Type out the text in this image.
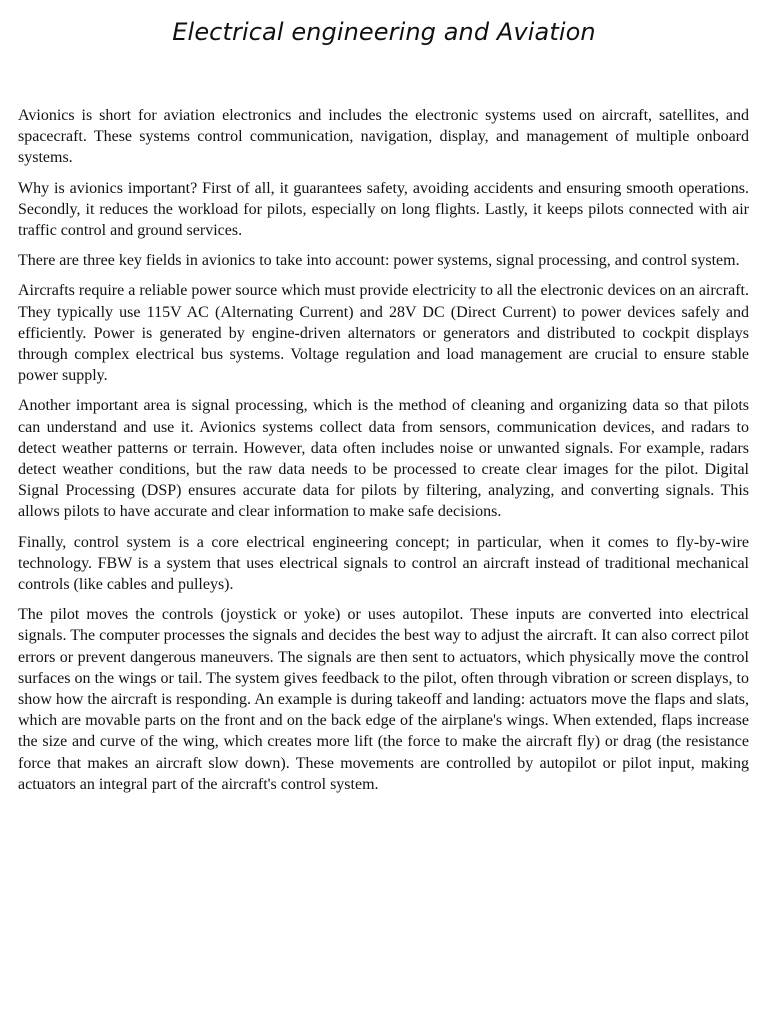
Electrical engineering and Aviation

Avionics is short for aviation electronics and includes the electronic systems used on aircraft, satellites, and spacecraft. These systems control communication, navigation, display, and management of multiple onboard systems.

Why is avionics important? First of all, it guarantees safety, avoiding accidents and ensuring smooth operations. Secondly, it reduces the workload for pilots, especially on long flights. Lastly, it keeps pilots connected with air traffic control and ground services.

There are three key fields in avionics to take into account: power systems, signal processing, and control system.

Aircrafts require a reliable power source which must provide electricity to all the electronic devices on an aircraft. They typically use 115V AC (Alternating Current) and 28V DC (Direct Current) to power devices safely and efficiently. Power is generated by engine-driven alternators or generators and distributed to cockpit displays through complex electrical bus systems. Voltage regulation and load management are crucial to ensure stable power supply.

Another important area is signal processing, which is the method of cleaning and organizing data so that pilots can understand and use it. Avionics systems collect data from sensors, communication devices, and radars to detect weather patterns or terrain. However, data often includes noise or unwanted signals. For example, radars detect weather conditions, but the raw data needs to be processed to create clear images for the pilot. Digital Signal Processing (DSP) ensures accurate data for pilots by filtering, analyzing, and converting signals. This allows pilots to have accurate and clear information to make safe decisions.

Finally, control system is a core electrical engineering concept; in particular, when it comes to fly-by-wire technology. FBW is a system that uses electrical signals to control an aircraft instead of traditional mechanical controls (like cables and pulleys).

The pilot moves the controls (joystick or yoke) or uses autopilot. These inputs are converted into electrical signals. The computer processes the signals and decides the best way to adjust the aircraft. It can also correct pilot errors or prevent dangerous maneuvers. The signals are then sent to actuators, which physically move the control surfaces on the wings or tail. The system gives feedback to the pilot, often through vibration or screen displays, to show how the aircraft is responding. An example is during takeoff and landing: actuators move the flaps and slats, which are movable parts on the front and on the back edge of the airplane's wings. When extended, flaps increase the size and curve of the wing, which creates more lift (the force to make the aircraft fly) or drag (the resistance force that makes an aircraft slow down). These movements are controlled by autopilot or pilot input, making actuators an integral part of the aircraft's control system.
